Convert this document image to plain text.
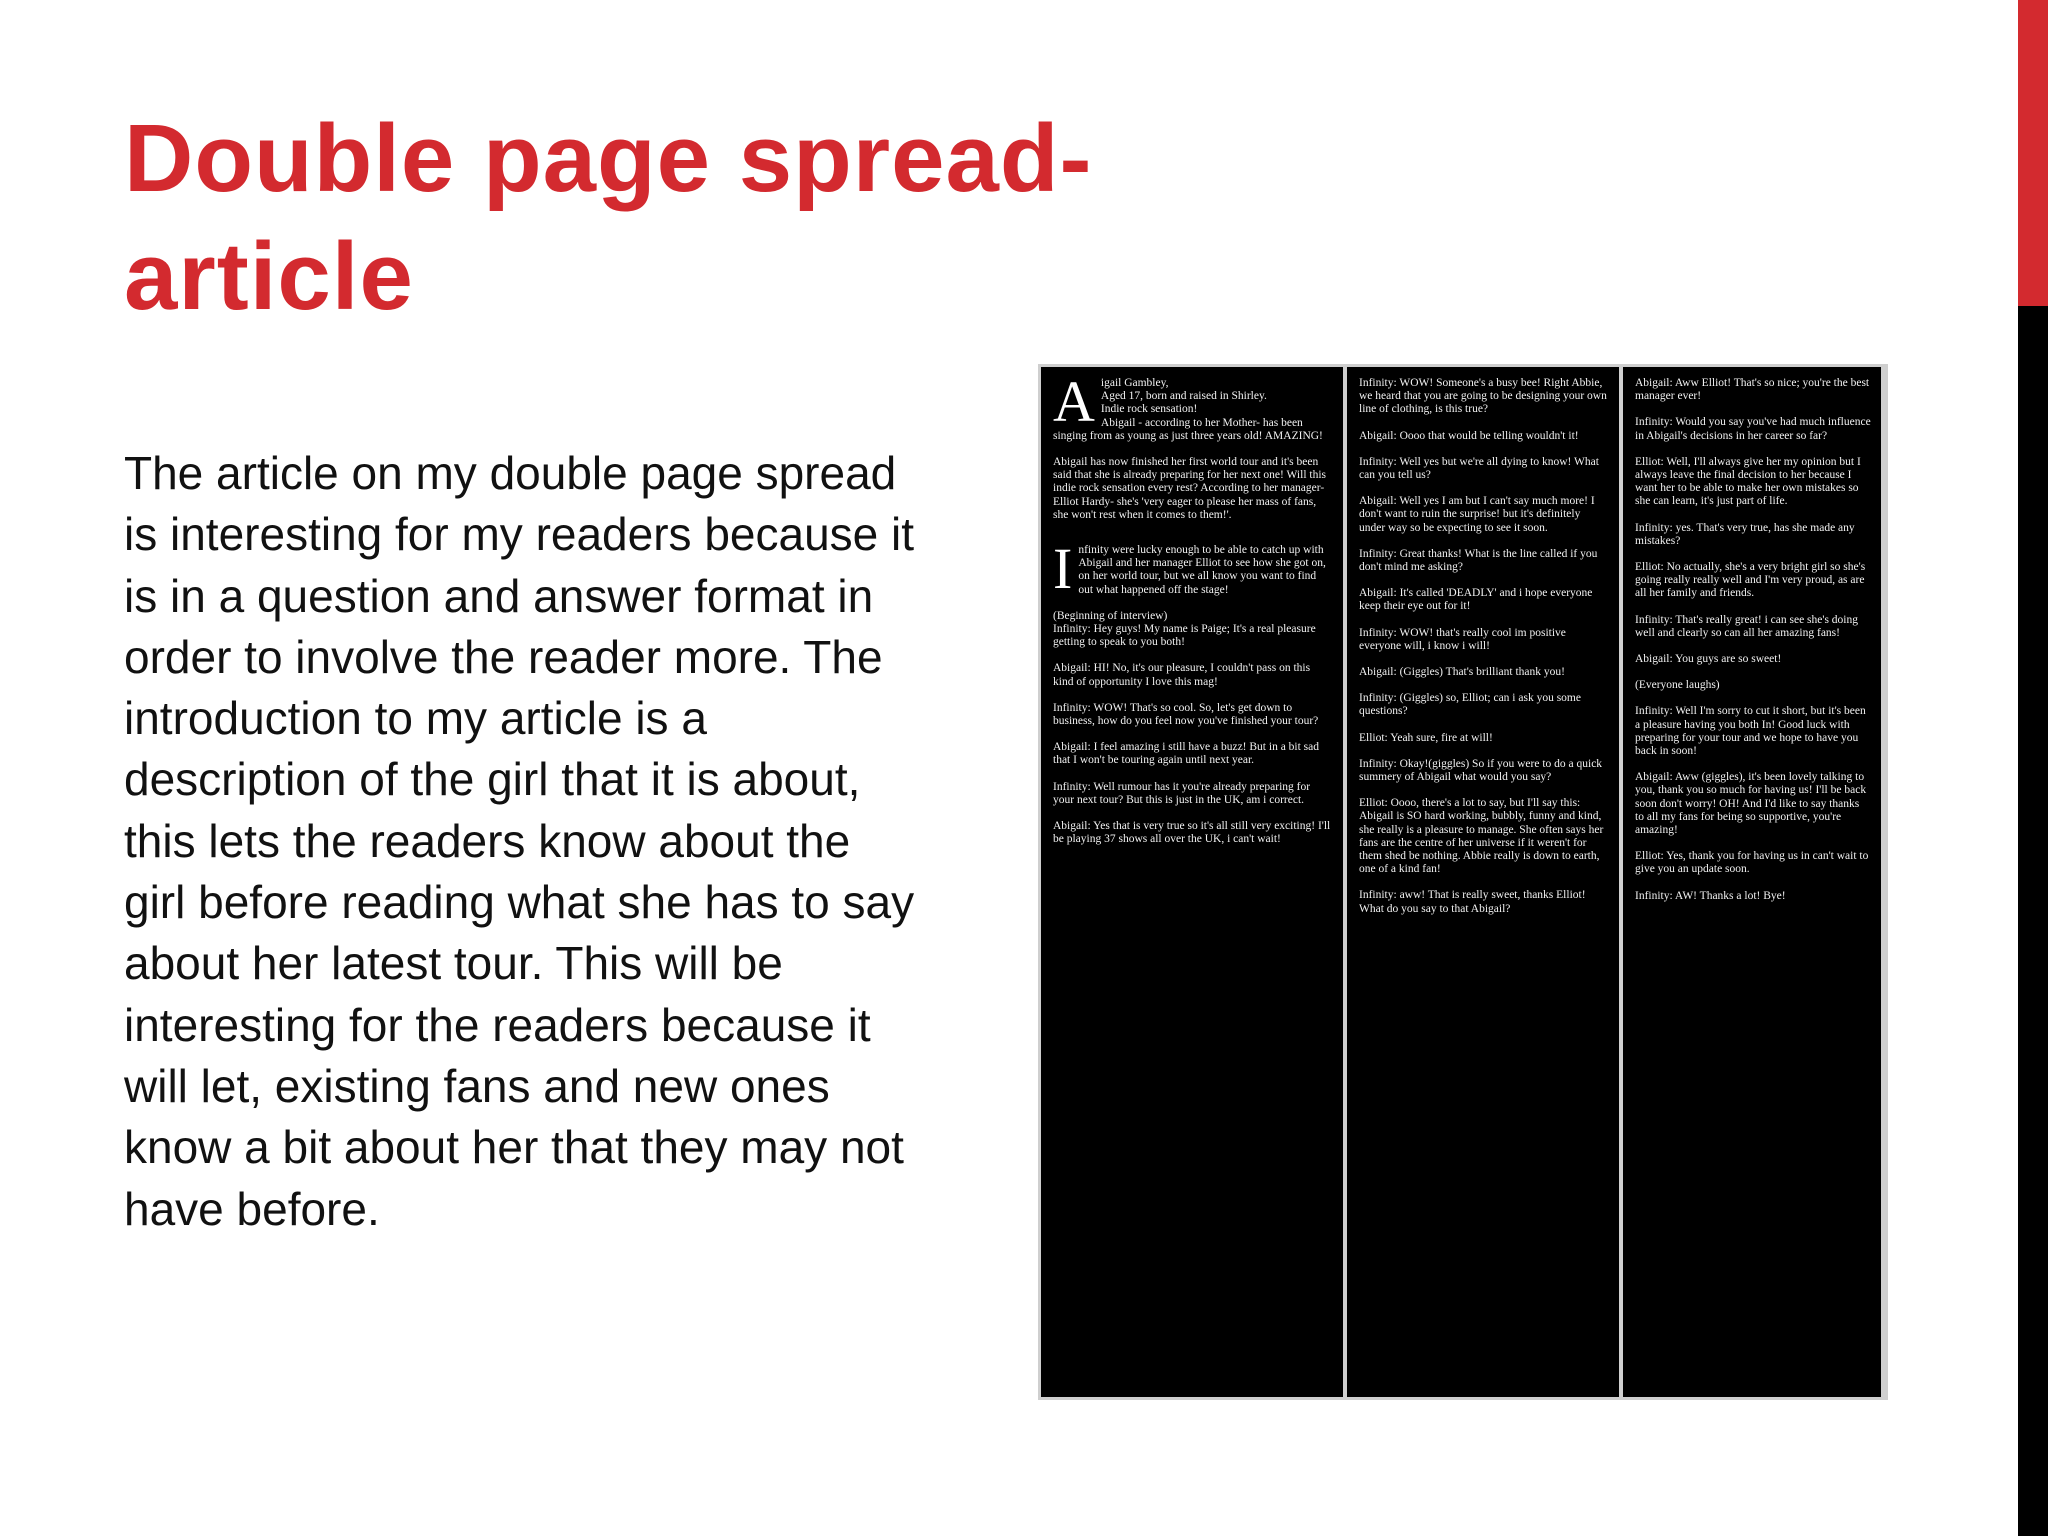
Double page spread- article

The article on my double page spread is interesting for my readers because it is in a question and answer format in order to involve the reader more. The introduction to my article is a description of the girl that it is about, this lets the readers know about the girl before reading what she has to say about her latest tour. This will be interesting for the readers because it will let, existing fans and new ones know a bit about her that they may not have before.

Aigail Gambley,
Aged 17, born and raised in Shirley.
Indie rock sensation!
Abigail - according to her Mother- has been singing from as young as just three years old! AMAZING!
Abigail has now finished her first world tour and it's been said that she is already preparing for her next one! Will this indie rock sensation every rest? According to her manager- Elliot Hardy- she's 'very eager to please her mass of fans, she won't rest when it comes to them!'.
Infinity were lucky enough to be able to catch up with Abigail and her manager Elliot to see how she got on, on her world tour, but we all know you want to find out what happened off the stage!
(Beginning of interview)
Infinity: Hey guys! My name is Paige; It's a real pleasure getting to speak to you both!
Abigail: HI! No, it's our pleasure, I couldn't pass on this kind of opportunity I love this mag!
Infinity: WOW! That's so cool. So, let's get down to business, how do you feel now you've finished your tour?
Abigail: I feel amazing i still have a buzz! But in a bit sad that I won't be touring again until next year.
Infinity: Well rumour has it you're already preparing for your next tour? But this is just in the UK, am i correct.
Abigail: Yes that is very true so it's all still very exciting! I'll be playing 37 shows all over the UK, i can't wait!
Infinity: WOW! Someone's a busy bee! Right Abbie, we heard that you are going to be designing your own line of clothing, is this true?
Abigail: Oooo that would be telling wouldn't it!
Infinity: Well yes but we're all dying to know! What can you tell us?
Abigail: Well yes I am but I can't say much more! I don't want to ruin the surprise! but it's definitely under way so be expecting to see it soon.
Infinity: Great thanks! What is the line called if you don't mind me asking?
Abigail: It's called 'DEADLY' and i hope everyone keep their eye out for it!
Infinity: WOW! that's really cool im positive everyone will, i know i will!
Abigail: (Giggles) That's brilliant thank you!
Infinity: (Giggles) so, Elliot; can i ask you some questions?
Elliot: Yeah sure, fire at will!
Infinity: Okay!(giggles) So if you were to do a quick summery of Abigail what would you say?
Elliot: Oooo, there's a lot to say, but I'll say this: Abigail is SO hard working, bubbly, funny and kind, she really is a pleasure to manage. She often says her fans are the centre of her universe if it weren't for them shed be nothing. Abbie really is down to earth, one of a kind fan!
Infinity: aww! That is really sweet, thanks Elliot! What do you say to that Abigail?
Abigail: Aww Elliot! That's so nice; you're the best manager ever!
Infinity: Would you say you've had much influence in Abigail's decisions in her career so far?
Elliot: Well, I'll always give her my opinion but I always leave the final decision to her because I want her to be able to make her own mistakes so she can learn, it's just part of life.
Infinity: yes. That's very true, has she made any mistakes?
Elliot: No actually, she's a very bright girl so she's going really really well and I'm very proud, as are all her family and friends.
Infinity: That's really great! i can see she's doing well and clearly so can all her amazing fans!
Abigail: You guys are so sweet!
(Everyone laughs)
Infinity: Well I'm sorry to cut it short, but it's been a pleasure having you both In! Good luck with preparing for your tour and we hope to have you back in soon!
Abigail: Aww (giggles), it's been lovely talking to you, thank you so much for having us! I'll be back soon don't worry! OH! And I'd like to say thanks to all my fans for being so supportive, you're amazing!
Elliot: Yes, thank you for having us in can't wait to give you an update soon.
Infinity: AW! Thanks a lot! Bye!
